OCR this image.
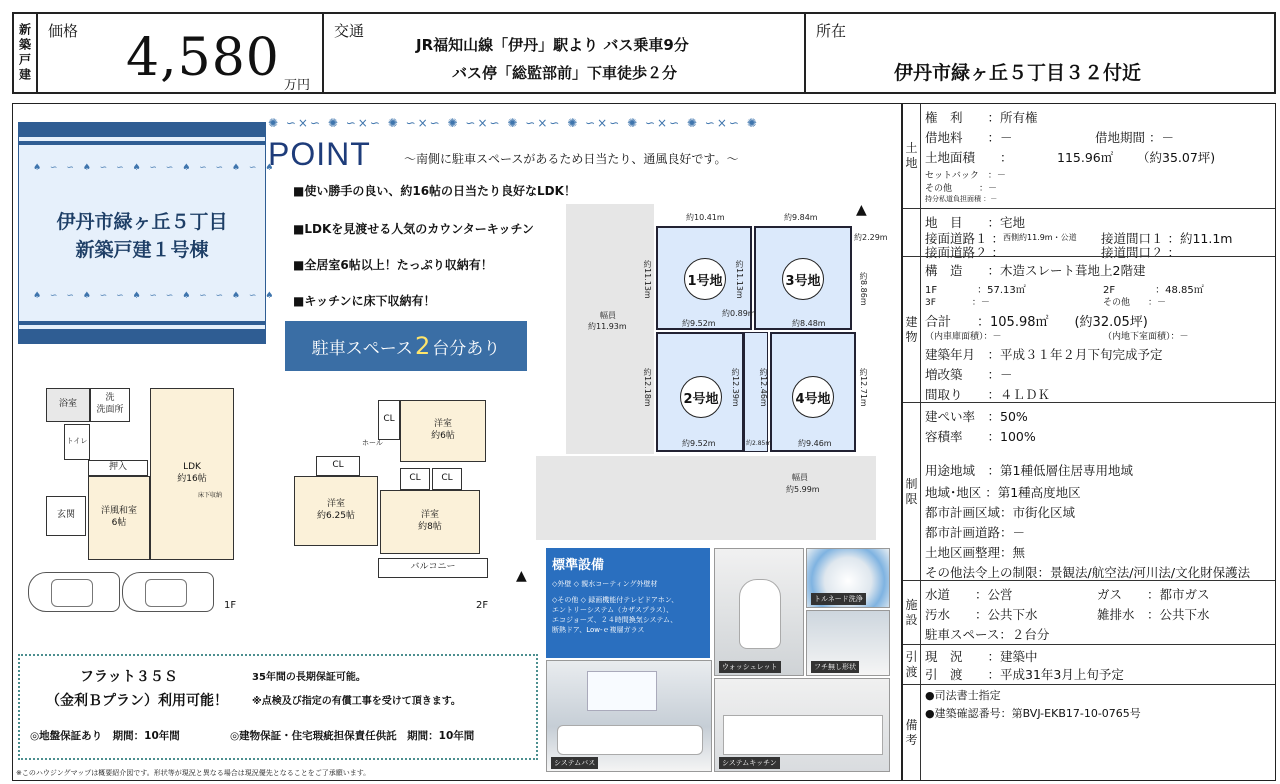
新築戸建 価格 4,580 万円
交通
JR福知山線「伊丹」駅より バス乗車9分
バス停「総監部前」下車徒歩２分
所在
伊丹市緑ヶ丘５丁目３２付近
♠ ∽ ∽ ♠ ∽ ∽ ♠ ∽ ∽ ♠ ∽ ∽ ♠ ∽ ♠
伊丹市緑ヶ丘５丁目
新築戸建１号棟
♠ ∽ ∽ ♠ ∽ ∽ ♠ ∽ ∽ ♠ ∽ ∽ ♠ ∽ ♠
✺ ∽×∽ ✺ ∽×∽ ✺ ∽×∽ ✺ ∽×∽ ✺ ∽×∽ ✺ ∽×∽ ✺ ∽×∽ ✺ ∽×∽ ✺
POINT	～南側に駐車スペースがあるため日当たり、通風良好です。～
■使い勝手の良い、約16帖の日当たり良好なLDK！
■LDKを見渡せる人気のカウンターキッチン
■全居室6帖以上！たっぷり収納有！
■キッチンに床下収納有！
駐車スペース 2 台分あり
1号地	3号地
2号地	4号地
約10.41m	約9.84m
約2.29m
約11.13m	約11.13m	約8.86m
幅員
約11.93m	約9.52m
約0.89m
約8.48m
約12.18m	約12.39m 約12.46m	約12.71m
約9.52m	約2.85m	約9.46m
幅員
約5.99m
▲
浴室
洗
洗面所
トイレ
押入	LDK
約16帖
洋風和室
6帖
玄関
床下収納
1F
洋室
約6帖
CL
CL
CL CL
洋室
約6.25帖	洋室
約8帖
ホール
バルコニー
▲
2F
標準設備
◇外壁 ◇ 親水コーティング外壁材
◇その他 ◇ 録画機能付テレビドアホン、
エントリーシステム（カザスプラス）、
エコジョーズ、２４時間換気システム、
断熱ドア、Low-ｅ複層ガラス
ウォッシュレット
トルネード洗浄
フチ無し形状
システムバス	システムキッチン
フラット３５Ｓ
（金利Ｂプラン）利用可能！
35年間の長期保証可能。
※点検及び指定の有償工事を受けて頂きます。
◎地盤保証あり　期間：10年間	◎建物保証・住宅瑕疵担保責任供託　期間：10年間
※このハウジングマップは概要紹介図です。形状等が現況と異なる場合は現況優先となることをご了承願います。
土
地
権　利　　：所有権
借地料　　：－	借地期間 ：－
土地面積　　：	115.96㎡ （約35.07坪)
セットバック　：－
その他　　　：－
持分私道負担面積 ：－
地　目　　：宅地
接面道路１ ： 西側約11.9m・公道 接道間口１ ：約11.1m
接面道路２ ：	接道間口２ ：
建
物
構　造　　：木造スレート葺地上2階建
1F　　　　：57.13㎡	2F　　　　：48.85㎡
3F　　　　：－	その他　　：－
合計　　：105.98㎡　　(約32.05坪)
（内車庫面積）：－	（内地下室面積）：－
建築年月　：平成３１年２月下旬完成予定
増改築　　：－
間取り　　：４ＬＤＫ
制
限
建ぺい率　：50%
容積率　　：100%
用途地域　：第1種低層住居専用地域
地域･地区 ：第1種高度地区
都市計画区域：市街化区域
都市計画道路：－
土地区画整理：無
その他法令上の制限：景観法/航空法/河川法/文化財保護法
施
設
水道　　：公営	ガス　　：都市ガス
汚水　　：公共下水	雑排水　：公共下水
駐車スペース：２台分
引
渡
現　況　　：建築中
引　渡　　：平成31年3月上旬予定
備
考
●司法書士指定
●建築確認番号：第BVJ-EKB17-10-0765号
